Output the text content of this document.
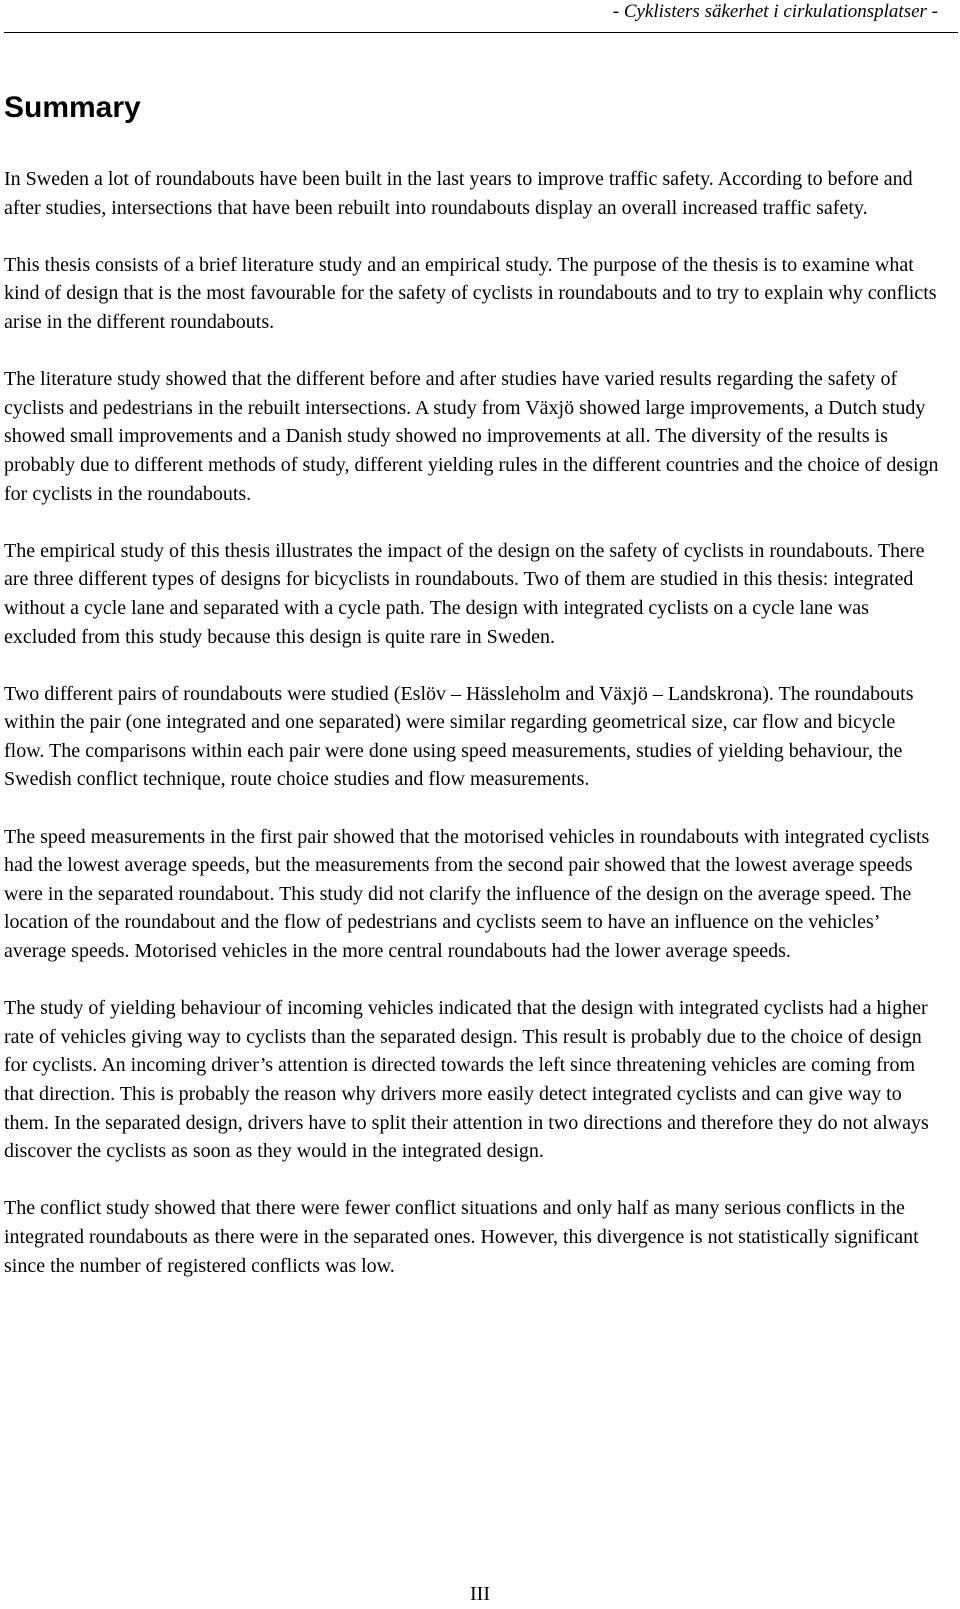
- Cyklisters säkerhet i cirkulationsplatser -
Summary

In Sweden a lot of roundabouts have been built in the last years to improve traffic safety. According to before and after studies, intersections that have been rebuilt into roundabouts display an overall increased traffic safety.

This thesis consists of a brief literature study and an empirical study. The purpose of the thesis is to examine what kind of design that is the most favourable for the safety of cyclists in roundabouts and to try to explain why conflicts arise in the different roundabouts.

The literature study showed that the different before and after studies have varied results regarding the safety of cyclists and pedestrians in the rebuilt intersections. A study from Växjö showed large improvements, a Dutch study showed small improvements and a Danish study showed no improvements at all. The diversity of the results is probably due to different methods of study, different yielding rules in the different countries and the choice of design for cyclists in the roundabouts.

The empirical study of this thesis illustrates the impact of the design on the safety of cyclists in roundabouts. There are three different types of designs for bicyclists in roundabouts. Two of them are studied in this thesis: integrated without a cycle lane and separated with a cycle path. The design with integrated cyclists on a cycle lane was excluded from this study because this design is quite rare in Sweden.

Two different pairs of roundabouts were studied (Eslöv – Hässleholm and Växjö – Landskrona). The roundabouts within the pair (one integrated and one separated) were similar regarding geometrical size, car flow and bicycle flow. The comparisons within each pair were done using speed measurements, studies of yielding behaviour, the Swedish conflict technique, route choice studies and flow measurements.

The speed measurements in the first pair showed that the motorised vehicles in roundabouts with integrated cyclists had the lowest average speeds, but the measurements from the second pair showed that the lowest average speeds were in the separated roundabout. This study did not clarify the influence of the design on the average speed. The location of the roundabout and the flow of pedestrians and cyclists seem to have an influence on the vehicles’ average speeds. Motorised vehicles in the more central roundabouts had the lower average speeds.

The study of yielding behaviour of incoming vehicles indicated that the design with integrated cyclists had a higher rate of vehicles giving way to cyclists than the separated design. This result is probably due to the choice of design for cyclists. An incoming driver’s attention is directed towards the left since threatening vehicles are coming from that direction. This is probably the reason why drivers more easily detect integrated cyclists and can give way to them. In the separated design, drivers have to split their attention in two directions and therefore they do not always discover the cyclists as soon as they would in the integrated design.

The conflict study showed that there were fewer conflict situations and only half as many serious conflicts in the integrated roundabouts as there were in the separated ones. However, this divergence is not statistically significant since the number of registered conflicts was low.

III
